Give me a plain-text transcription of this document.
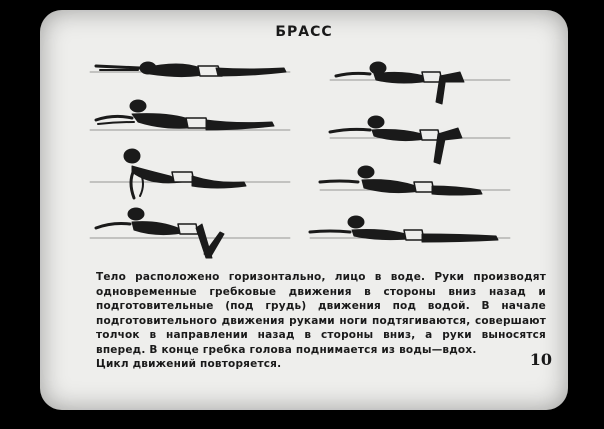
БРАСС

Тело расположено горизонтально, лицо в воде. Руки производят одновременные гребковые движения в стороны вниз назад и подготовительные (под грудь) движения под водой. В начале подготовительного движения руками ноги подтягиваются, совершают толчок в направлении назад в стороны вниз, а руки выносятся вперед. В конце гребка голова поднимается из воды—вдох.

Цикл движений повторяется.	10
